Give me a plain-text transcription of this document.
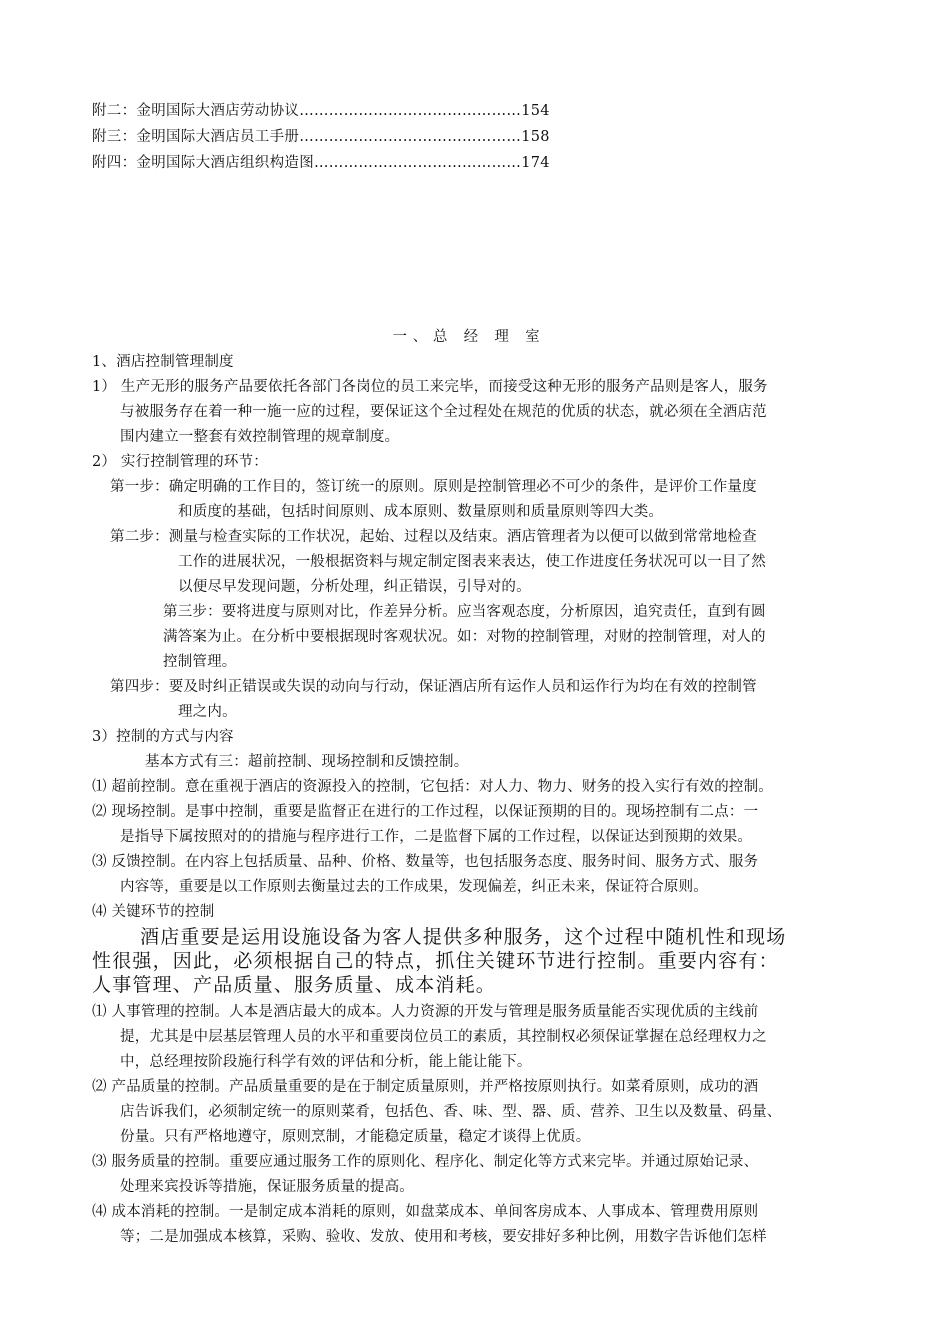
附二：金明国际大酒店劳动协议………………………………………154
附三：金明国际大酒店员工手册………………………………………158
附四：金明国际大酒店组织构造图……………………………………174
一、总 经 理 室
1、酒店控制管理制度
1） 生产无形的服务产品要依托各部门各岗位的员工来完毕，而接受这种无形的服务产品则是客人，服务
与被服务存在着一种一施一应的过程，要保证这个全过程处在规范的优质的状态，就必须在全酒店范
围内建立一整套有效控制管理的规章制度。
2） 实行控制管理的环节：
第一步：确定明确的工作目的，签订统一的原则。原则是控制管理必不可少的条件，是评价工作量度
和质度的基础，包括时间原则、成本原则、数量原则和质量原则等四大类。
第二步：测量与检查实际的工作状况，起始、过程以及结束。酒店管理者为以便可以做到常常地检查
工作的进展状况，一般根据资料与规定制定图表来表达，使工作进度任务状况可以一目了然
以便尽早发现问题，分析处理，纠正错误，引导对的。
第三步：要将进度与原则对比，作差异分析。应当客观态度，分析原因，追究责任，直到有圆
满答案为止。在分析中要根据现时客观状况。如：对物的控制管理，对财的控制管理，对人的
控制管理。
第四步：要及时纠正错误或失误的动向与行动，保证酒店所有运作人员和运作行为均在有效的控制管
理之内。
3）控制的方式与内容
基本方式有三：超前控制、现场控制和反馈控制。
⑴ 超前控制。意在重视于酒店的资源投入的控制，它包括：对人力、物力、财务的投入实行有效的控制。
⑵ 现场控制。是事中控制，重要是监督正在进行的工作过程，以保证预期的目的。现场控制有二点：一
是指导下属按照对的的措施与程序进行工作，二是监督下属的工作过程，以保证达到预期的效果。
⑶ 反馈控制。在内容上包括质量、品种、价格、数量等，也包括服务态度、服务时间、服务方式、服务
内容等，重要是以工作原则去衡量过去的工作成果，发现偏差，纠正未来，保证符合原则。
⑷ 关键环节的控制
酒店重要是运用设施设备为客人提供多种服务，这个过程中随机性和现场
性很强，因此，必须根据自己的特点，抓住关键环节进行控制。重要内容有：
人事管理、产品质量、服务质量、成本消耗。
⑴ 人事管理的控制。人本是酒店最大的成本。人力资源的开发与管理是服务质量能否实现优质的主线前
提，尤其是中层基层管理人员的水平和重要岗位员工的素质，其控制权必须保证掌握在总经理权力之
中，总经理按阶段施行科学有效的评估和分析，能上能让能下。
⑵ 产品质量的控制。产品质量重要的是在于制定质量原则，并严格按原则执行。如菜肴原则，成功的酒
店告诉我们，必须制定统一的原则菜肴，包括色、香、味、型、器、质、营养、卫生以及数量、码量、
份量。只有严格地遵守，原则烹制，才能稳定质量，稳定才谈得上优质。
⑶ 服务质量的控制。重要应通过服务工作的原则化、程序化、制定化等方式来完毕。并通过原始记录、
处理来宾投诉等措施，保证服务质量的提高。
⑷ 成本消耗的控制。一是制定成本消耗的原则，如盘菜成本、单间客房成本、人事成本、管理费用原则
等；二是加强成本核算，采购、验收、发放、使用和考核，要安排好多种比例，用数字告诉他们怎样
